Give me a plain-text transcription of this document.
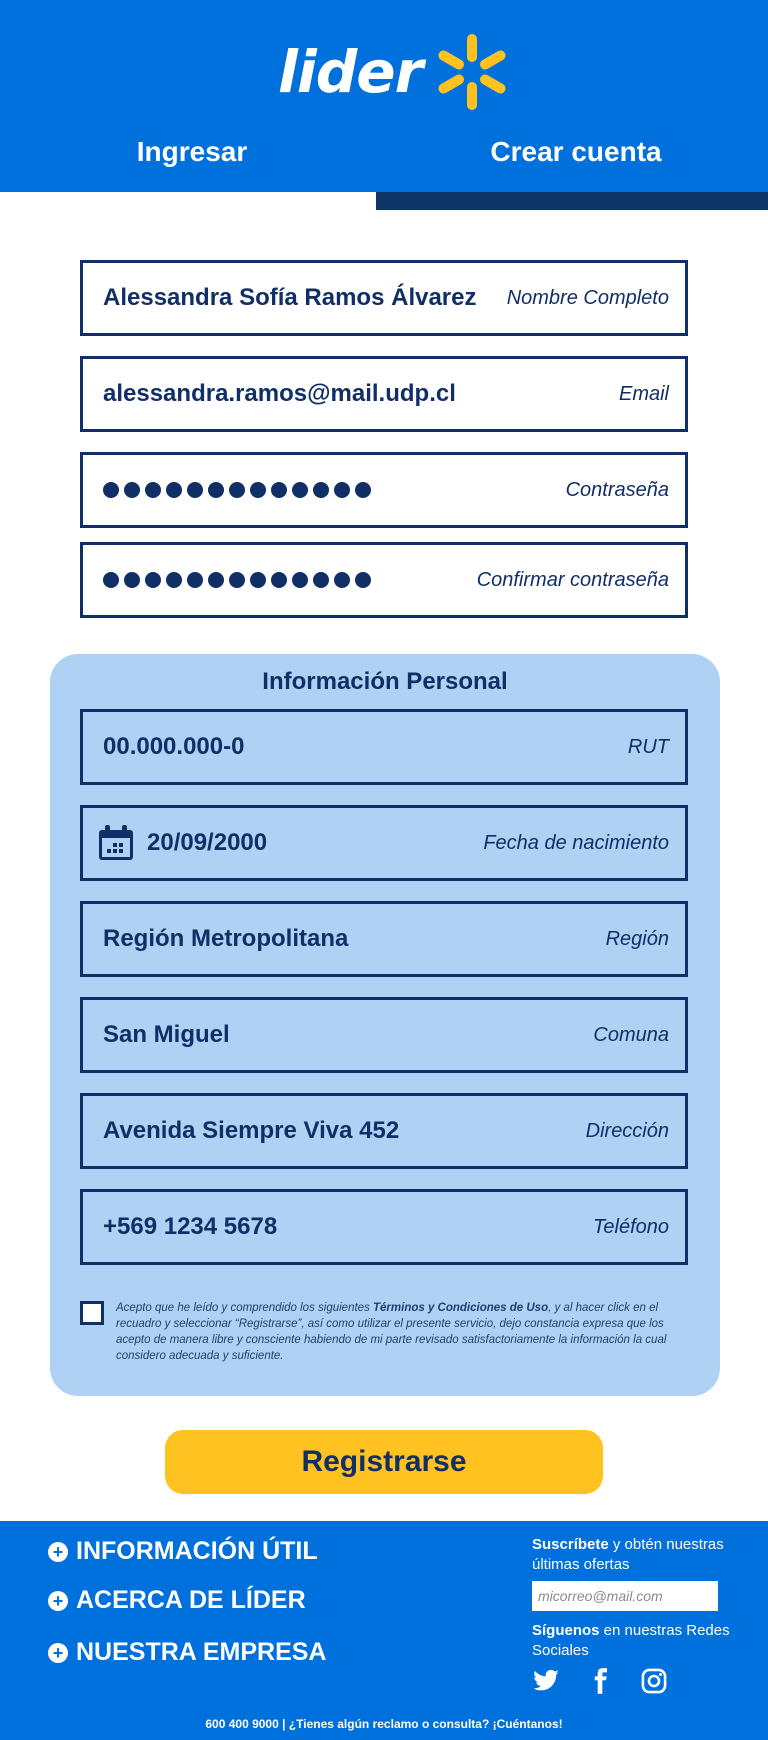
lider
Ingresar	Crear cuenta
Alessandra Sofía Ramos Álvarez Nombre Completo
alessandra.ramos@mail.udp.cl	Email
Contraseña
Confirmar contraseña
Información Personal
00.000.000-0	RUT
20/09/2000	Fecha de nacimiento
Región Metropolitana	Región
San Miguel	Comuna
Avenida Siempre Viva 452	Dirección
+569 1234 5678	Teléfono

Acepto que he leído y comprendido los siguientes Términos y Condiciones de Uso, y al hacer click en el recuadro y seleccionar “Registrarse”, así como utilizar el presente servicio, dejo constancia expresa que los acepto de manera libre y consciente habiendo de mi parte revisado satisfactoriamente la información la cual considero adecuada y suficiente.

Registrarse
+ INFORMACIÓN ÚTIL
+ ACERCA DE LÍDER
+ NUESTRA EMPRESA
Suscríbete y obtén nuestras últimas ofertas
micorreo@mail.com
Síguenos en nuestras Redes Sociales
600 400 9000 | ¿Tienes algún reclamo o consulta? ¡Cuéntanos!
